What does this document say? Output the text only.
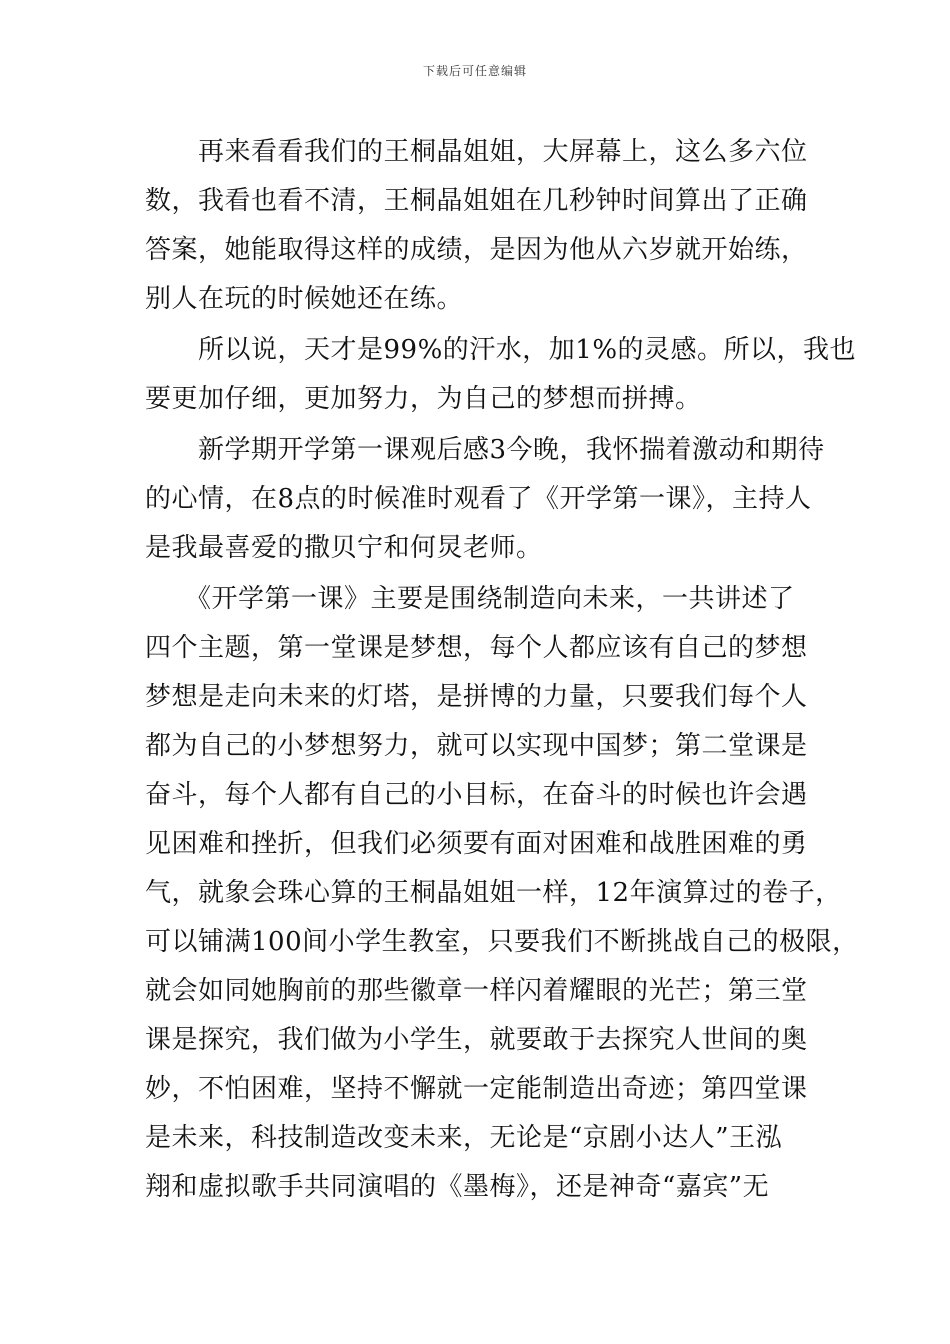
下载后可任意编辑
　　再来看看我们的王桐晶姐姐，大屏幕上，这么多六位
数，我看也看不清，王桐晶姐姐在几秒钟时间算出了正确
答案，她能取得这样的成绩，是因为他从六岁就开始练，
别人在玩的时候她还在练。
　　所以说，天才是99%的汗水，加1%的灵感。所以，我也
要更加仔细，更加努力，为自己的梦想而拼搏。
　　新学期开学第一课观后感3今晚，我怀揣着激动和期待
的心情，在8点的时候准时观看了《开学第一课》，主持人
是我最喜爱的撒贝宁和何炅老师。
　　《开学第一课》主要是围绕制造向未来，一共讲述了
四个主题，第一堂课是梦想，每个人都应该有自己的梦想
梦想是走向未来的灯塔，是拼博的力量，只要我们每个人
都为自己的小梦想努力，就可以实现中国梦；第二堂课是
奋斗，每个人都有自己的小目标，在奋斗的时候也许会遇
见困难和挫折，但我们必须要有面对困难和战胜困难的勇
气，就象会珠心算的王桐晶姐姐一样，12年演算过的卷子，
可以铺满100间小学生教室，只要我们不断挑战自己的极限，
就会如同她胸前的那些徽章一样闪着耀眼的光芒；第三堂
课是探究，我们做为小学生，就要敢于去探究人世间的奥
妙，不怕困难，坚持不懈就一定能制造出奇迹；第四堂课
是未来，科技制造改变未来，无论是“京剧小达人”王泓
翔和虚拟歌手共同演唱的《墨梅》，还是神奇“嘉宾”无
